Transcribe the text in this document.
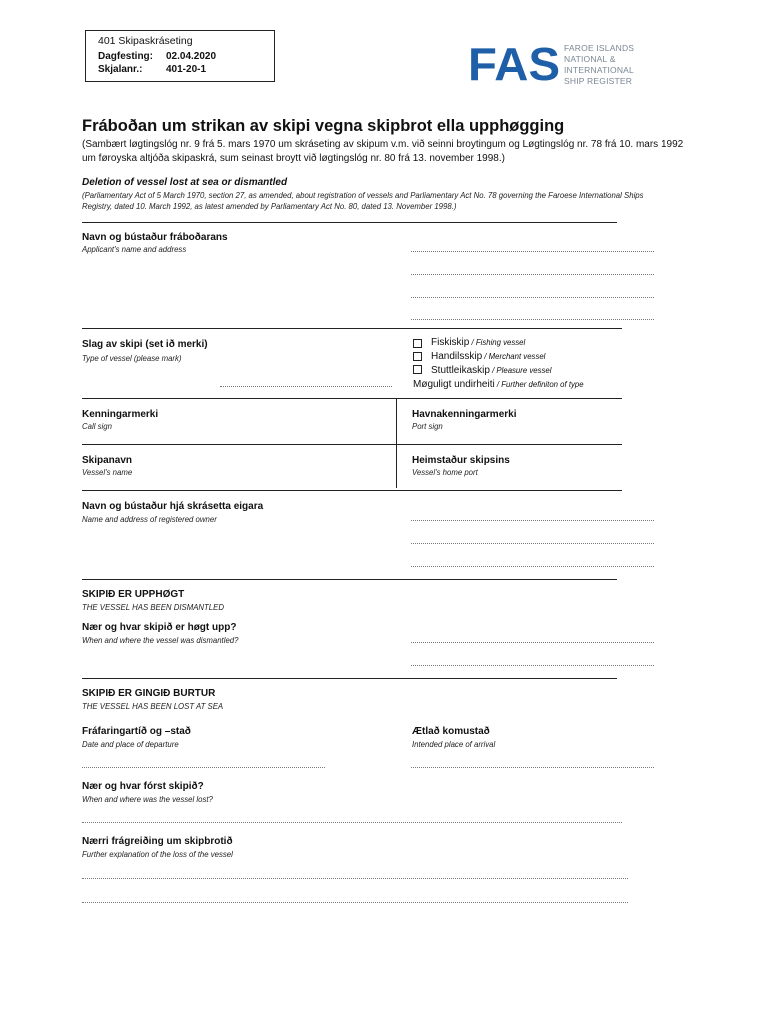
401 Skipaskráseting
Dagfesting:	02.04.2020
Skjalanr.:	401-20-1	FAS FAROE ISLANDS
NATIONAL & INTERNATIONAL
SHIP REGISTER
Fráboðan um strikan av skipi vegna skipbrot ella upphøgging
(Sambært løgtingslóg nr. 9 frá 5. mars 1970 um skráseting av skipum v.m. við seinni broytingum og Løgtingslóg nr. 78 frá 10. mars 1992
um føroyska altjóða skipaskrá, sum seinast broytt við løgtingslóg nr. 80 frá 13. november 1998.)
Deletion of vessel lost at sea or dismantled
(Parliamentary Act of 5 March 1970, section 27, as amended, about registration of vessels and Parliamentary Act No. 78 governing the Faroese International Ships
Registry, dated 10. March 1992, as latest amended by Parliamentary Act No. 80, dated 13. November 1998.)
Navn og bústaður fráboðarans
Applicant's name and address
Slag av skipi (set ið merki)
Type of vessel (please mark)
Fiskiskip / Fishing vessel
Handilsskip / Merchant vessel
Stuttleikaskip / Pleasure vessel
Møguligt undirheiti / Further definiton of type
Kenningarmerki
Call sign
Havnakenningarmerki
Port sign
Skipanavn
Vessel's name
Heimstaður skipsins
Vessel's home port
Navn og bústaður hjá skrásetta eigara
Name and address of registered owner
SKIPIÐ ER UPPHØGT
THE VESSEL HAS BEEN DISMANTLED
Nær og hvar skipið er høgt upp?
When and where the vessel was dismantled?
SKIPIÐ ER GINGIÐ BURTUR
THE VESSEL HAS BEEN LOST AT SEA
Fráfaringartíð og –stað
Date and place of departure
Ætlað komustað
Intended place of arrival
Nær og hvar fórst skipið?
When and where was the vessel lost?
Nærri frágreiðing um skipbrotið
Further explanation of the loss of the vessel
